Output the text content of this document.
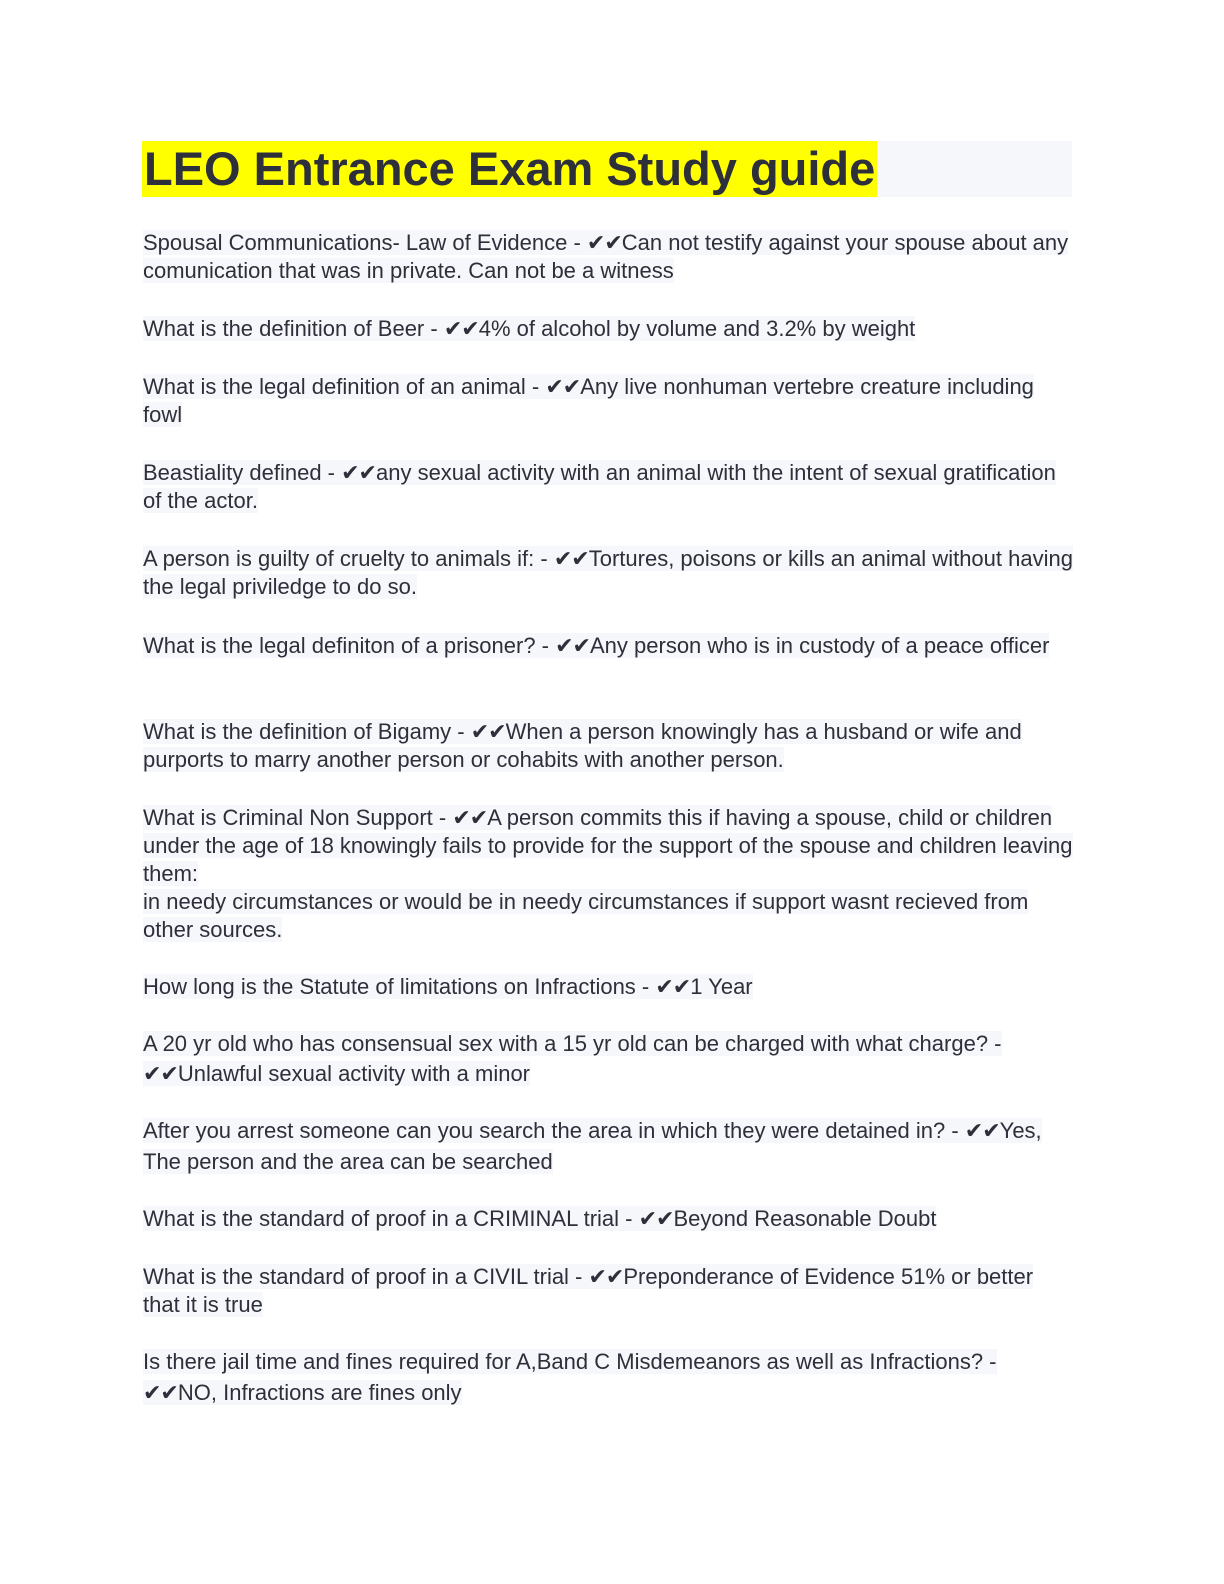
LEO Entrance Exam Study guide

Spousal Communications- Law of Evidence - ✔✔Can not testify against your spouse about any comunication that was in private. Can not be a witness

What is the definition of Beer - ✔✔4% of alcohol by volume and 3.2% by weight

What is the legal definition of an animal - ✔✔Any live nonhuman vertebre creature including fowl

Beastiality defined - ✔✔any sexual activity with an animal with the intent of sexual gratification of the actor.

A person is guilty of cruelty to animals if: - ✔✔Tortures, poisons or kills an animal without having the legal priviledge to do so.

What is the legal definiton of a prisoner? - ✔✔Any person who is in custody of a peace officer

What is the definition of Bigamy - ✔✔When a person knowingly has a husband or wife and purports to marry another person or cohabits with another person.

What is Criminal Non Support - ✔✔A person commits this if having a spouse, child or children under the age of 18 knowingly fails to provide for the support of the spouse and children leaving them:
in needy circumstances or would be in needy circumstances if support wasnt recieved from other sources.

How long is the Statute of limitations on Infractions - ✔✔1 Year

A 20 yr old who has consensual sex with a 15 yr old can be charged with what charge? - ✔✔Unlawful sexual activity with a minor

After you arrest someone can you search the area in which they were detained in? - ✔✔Yes, The person and the area can be searched

What is the standard of proof in a CRIMINAL trial - ✔✔Beyond Reasonable Doubt

What is the standard of proof in a CIVIL trial - ✔✔Preponderance of Evidence 51% or better that it is true

Is there jail time and fines required for A,Band C Misdemeanors as well as Infractions? - ✔✔NO, Infractions are fines only
